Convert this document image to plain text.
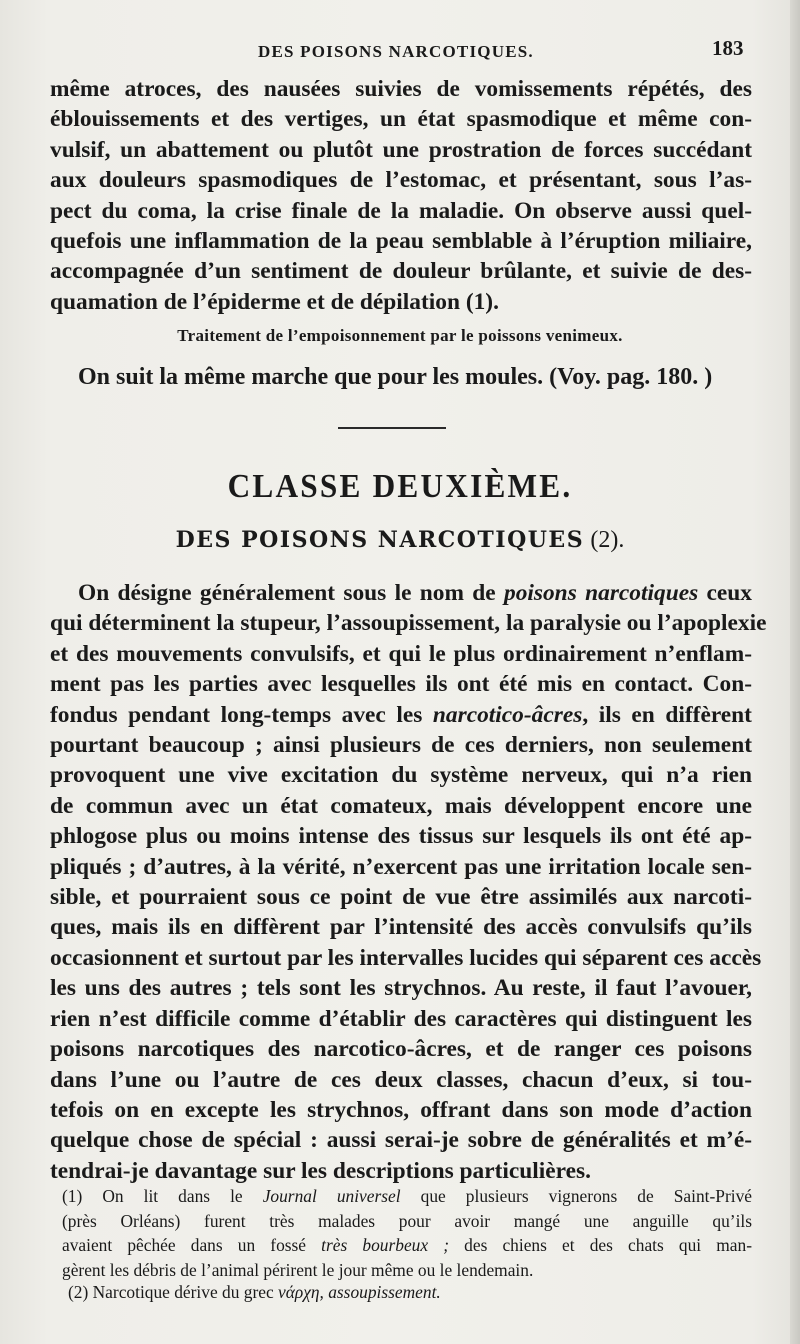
DES POISONS NARCOTIQUES.	183
même atroces, des nausées suivies de vomissements répétés, des
éblouissements et des vertiges, un état spasmodique et même con-
vulsif, un abattement ou plutôt une prostration de forces succédant
aux douleurs spasmodiques de l’estomac, et présentant, sous l’as-
pect du coma, la crise finale de la maladie. On observe aussi quel-
quefois une inflammation de la peau semblable à l’éruption miliaire,
accompagnée d’un sentiment de douleur brûlante, et suivie de des-
quamation de l’épiderme et de dépilation (1).
Traitement de l’empoisonnement par le poissons venimeux.
On suit la même marche que pour les moules. (Voy. pag. 180. )
CLASSE DEUXIÈME.
DES POISONS NARCOTIQUES (2).
On désigne généralement sous le nom de poisons narcotiques ceux
qui déterminent la stupeur, l’assoupissement, la paralysie ou l’apoplexie
et des mouvements convulsifs, et qui le plus ordinairement n’enflam-
ment pas les parties avec lesquelles ils ont été mis en contact. Con-
fondus pendant long-temps avec les narcotico-âcres, ils en diffèrent
pourtant beaucoup ; ainsi plusieurs de ces derniers, non seulement
provoquent une vive excitation du système nerveux, qui n’a rien
de commun avec un état comateux, mais développent encore une
phlogose plus ou moins intense des tissus sur lesquels ils ont été ap-
pliqués ; d’autres, à la vérité, n’exercent pas une irritation locale sen-
sible, et pourraient sous ce point de vue être assimilés aux narcoti-
ques, mais ils en diffèrent par l’intensité des accès convulsifs qu’ils
occasionnent et surtout par les intervalles lucides qui séparent ces accès
les uns des autres ; tels sont les strychnos. Au reste, il faut l’avouer,
rien n’est difficile comme d’établir des caractères qui distinguent les
poisons narcotiques des narcotico-âcres, et de ranger ces poisons
dans l’une ou l’autre de ces deux classes, chacun d’eux, si tou-
tefois on en excepte les strychnos, offrant dans son mode d’action
quelque chose de spécial : aussi serai-je sobre de généralités et m’é-
tendrai-je davantage sur les descriptions particulières.
(1) On lit dans le Journal universel que plusieurs vignerons de Saint-Privé
(près Orléans) furent très malades pour avoir mangé une anguille qu’ils
avaient pêchée dans un fossé très bourbeux ; des chiens et des chats qui man-
gèrent les débris de l’animal périrent le jour même ou le lendemain.
(2) Narcotique dérive du grec νάρχη, assoupissement.
